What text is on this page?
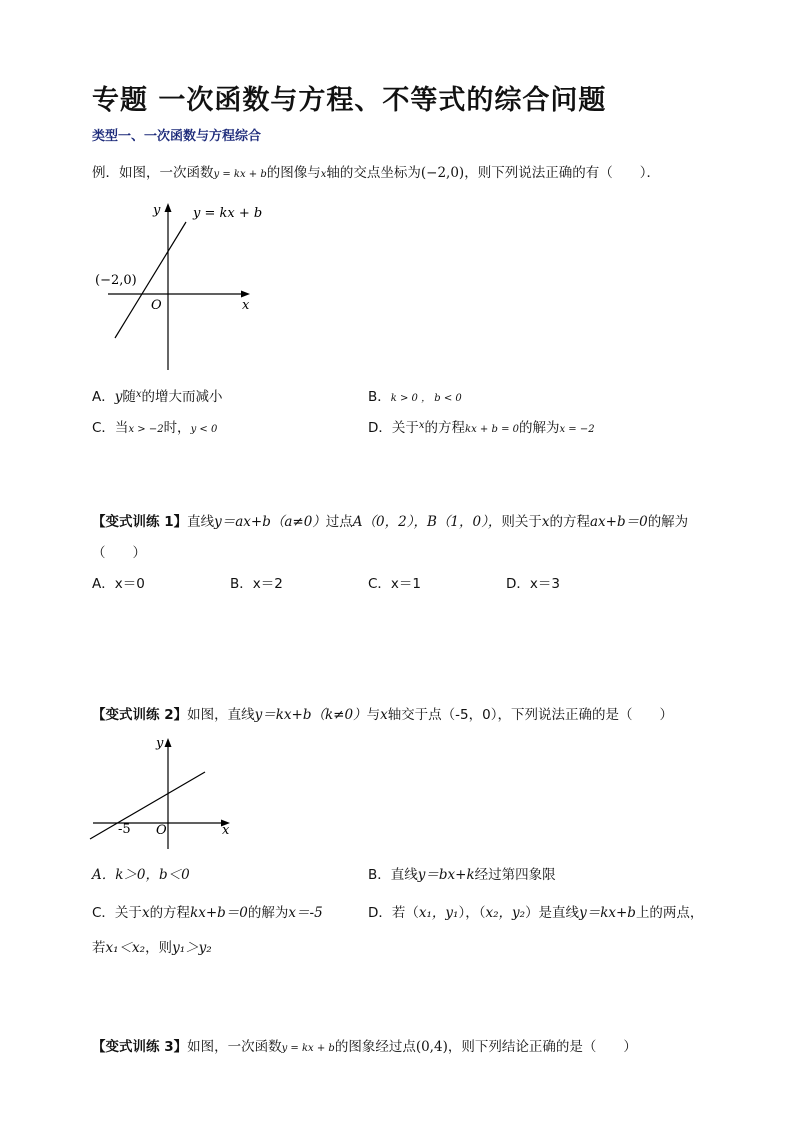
专题 一次函数与方程、不等式的综合问题
类型一、一次函数与方程综合
例．如图，一次函数y = kx + b的图像与x轴的交点坐标为(−2,0)，则下列说法正确的有（　　）．
y
x
O
y = kx + b
(−2,0)
A．y随$^x$的增大而减小	B．k > 0 ， b < 0
C．当x > −2时，y < 0	D．关于$^x$的方程kx + b = 0的解为x = −2
【变式训练 1】直线y＝ax+b（a≠0）过点A（0，2），B（1，0），则关于x的方程ax+b＝0的解为
（　　）
A．x＝0	B．x＝2	C．x＝1	D．x＝3
【变式训练 2】如图，直线y＝kx+b（k≠0）与x轴交于点（-5，0），下列说法正确的是（　　）
y
x
O
-5
A．k＞0，b＜0	B．直线y＝bx+k经过第四象限
C．关于x的方程kx+b＝0的解为x＝-5	D．若（x₁，y₁），（x₂，y₂）是直线y＝kx+b上的两点，
若x₁＜x₂，则y₁＞y₂
【变式训练 3】如图，一次函数y = kx + b的图象经过点(0,4)，则下列结论正确的是（　　）
